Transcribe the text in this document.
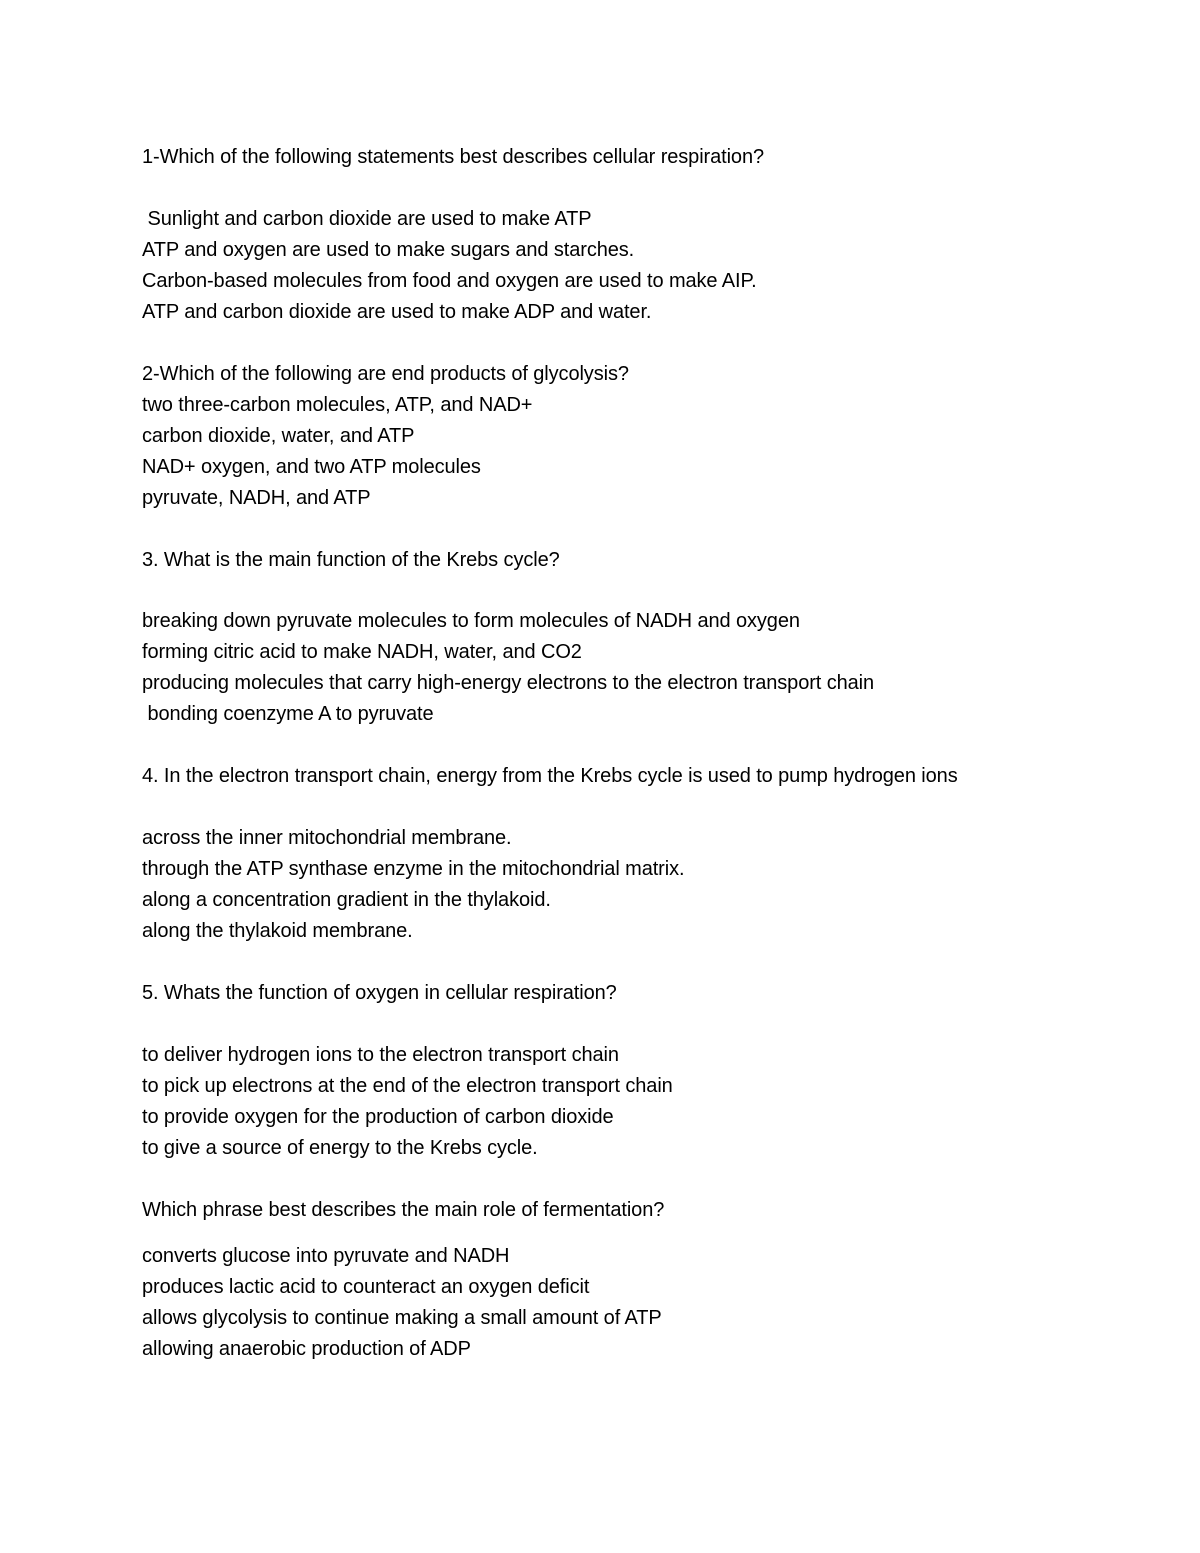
1-Which of the following statements best describes cellular respiration?
Sunlight and carbon dioxide are used to make ATP
ATP and oxygen are used to make sugars and starches.
Carbon-based molecules from food and oxygen are used to make AIP.
ATP and carbon dioxide are used to make ADP and water.
2-Which of the following are end products of glycolysis?
two three-carbon molecules, ATP, and NAD+
carbon dioxide, water, and ATP
NAD+ oxygen, and two ATP molecules
pyruvate, NADH, and ATP
3. What is the main function of the Krebs cycle?
breaking down pyruvate molecules to form molecules of NADH and oxygen
forming citric acid to make NADH, water, and CO2
producing molecules that carry high-energy electrons to the electron transport chain
bonding coenzyme A to pyruvate
4. In the electron transport chain, energy from the Krebs cycle is used to pump hydrogen ions
across the inner mitochondrial membrane.
through the ATP synthase enzyme in the mitochondrial matrix.
along a concentration gradient in the thylakoid.
along the thylakoid membrane.
5. Whats the function of oxygen in cellular respiration?
to deliver hydrogen ions to the electron transport chain
to pick up electrons at the end of the electron transport chain
to provide oxygen for the production of carbon dioxide
to give a source of energy to the Krebs cycle.
Which phrase best describes the main role of fermentation?
converts glucose into pyruvate and NADH
produces lactic acid to counteract an oxygen deficit
allows glycolysis to continue making a small amount of ATP
allowing anaerobic production of ADP
